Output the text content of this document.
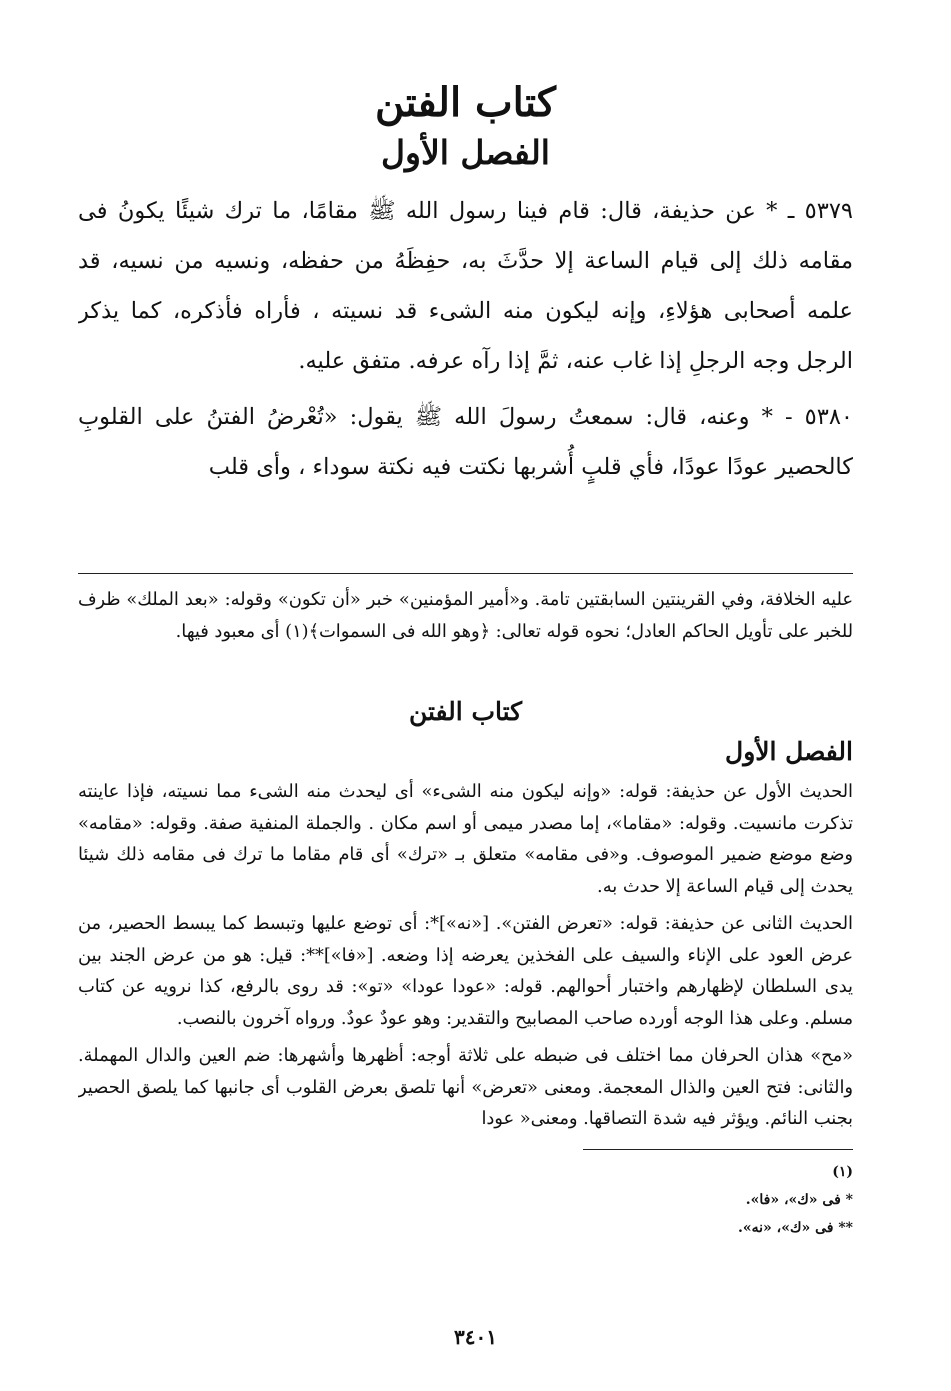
كتاب الفتن
الفصل الأول

٥٣٧٩ ـ * عن حذيفة، قال: قام فينا رسول الله ﷺ مقامًا، ما ترك شيئًا يكونُ فى مقامه ذلك إلى قيام الساعة إلا حدَّثَ به، حفِظَهُ من حفظه، ونسيه من نسيه، قد علمه أصحابى هؤلاءِ، وإنه ليكون منه الشىء قد نسيته ، فأراه فأذكره، كما يذكر الرجل وجه الرجلِ إذا غاب عنه، ثمَّ إذا رآه عرفه. متفق عليه.

٥٣٨٠ - * وعنه، قال: سمعتُ رسولَ الله ﷺ يقول: «تُعْرضُ الفتنُ على القلوبِ كالحصير عودًا عودًا، فأي قلبٍ أُشربها نكتت فيه نكتة سوداء ، وأى قلب

عليه الخلافة، وفي القرينتين السابقتين تامة. و«أمير المؤمنين» خبر «أن تكون» وقوله: «بعد الملك» ظرف للخبر على تأويل الحاكم العادل؛ نحوه قوله تعالى: ﴿وهو الله فى السموات﴾(١) أى معبود فيها.

كتاب الفتن
الفصل الأول

الحديث الأول عن حذيفة: قوله: «وإنه ليكون منه الشىء» أى ليحدث منه الشىء مما نسيته، فإذا عاينته تذكرت مانسيت. وقوله: «مقاما»، إما مصدر ميمى أو اسم مكان . والجملة المنفية صفة. وقوله: «مقامه» وضع موضع ضمير الموصوف. و«فى مقامه» متعلق بـ «ترك» أى قام مقاما ما ترك فى مقامه ذلك شيئا يحدث إلى قيام الساعة إلا حدث به.

الحديث الثانى عن حذيفة: قوله: «تعرض الفتن». [«نه»]*: أى توضع عليها وتبسط كما يبسط الحصير، من عرض العود على الإناء والسيف على الفخذين يعرضه إذا وضعه. [«فا»]**: قيل: هو من عرض الجند بين يدى السلطان لإظهارهم واختبار أحوالهم. قوله: «عودا عودا» «تو»: قد روى بالرفع، كذا نرويه عن كتاب مسلم. وعلى هذا الوجه أورده صاحب المصابيح والتقدير: وهو عودٌ عودٌ. ورواه آخرون بالنصب.

«مح» هذان الحرفان مما اختلف فى ضبطه على ثلاثة أوجه: أظهرها وأشهرها: ضم العين والدال المهملة. والثانى: فتح العين والذال المعجمة. ومعنى «تعرض» أنها تلصق بعرض القلوب أى جانبها كما يلصق الحصير بجنب النائم. ويؤثر فيه شدة التصاقها. ومعنى« عودا

(١)
* فى «ك»، «فا».
** فى «ك»، «نه».
٣٤٠١
